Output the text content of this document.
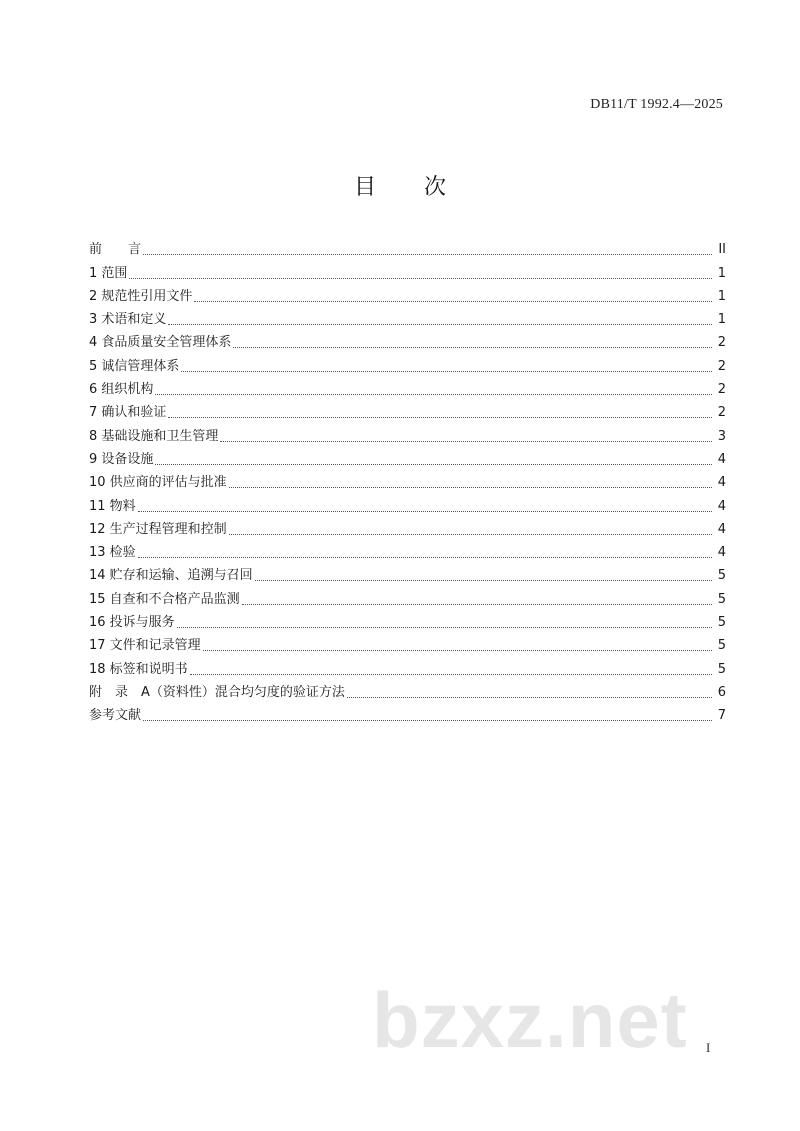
DB11/T 1992.4—2025
目次
前　　言	II
1 范围	1
2 规范性引用文件	1
3 术语和定义	1
4 食品质量安全管理体系	2
5 诚信管理体系	2
6 组织机构	2
7 确认和验证	2
8 基础设施和卫生管理	3
9 设备设施	4
10 供应商的评估与批准	4
11 物料	4
12 生产过程管理和控制	4
13 检验	4
14 贮存和运输、追溯与召回	5
15 自查和不合格产品监测	5
16 投诉与服务	5
17 文件和记录管理	5
18 标签和说明书	5
附　录　A（资料性）混合均匀度的验证方法	6
参考文献	7
bzxz.net I
